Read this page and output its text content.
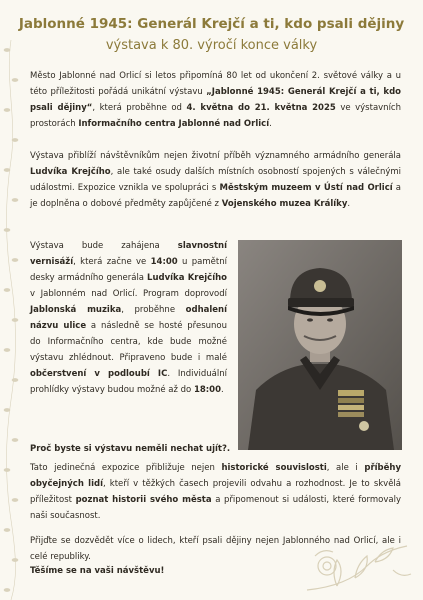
Jablonné 1945: Generál Krejčí a ti, kdo psali dějiny
výstava k 80. výročí konce války
Město Jablonné nad Orlicí si letos připomíná 80 let od ukončení 2. světové války a u této příležitosti pořádá unikátní výstavu „Jablonné 1945: Generál Krejčí a ti, kdo psali dějiny“, která proběhne od 4. května do 21. května 2025 ve výstavních prostorách Informačního centra Jablonné nad Orlicí.
Výstava přiblíží návštěvníkům nejen životní příběh významného armádního generála Ludvíka Krejčího, ale také osudy dalších místních osobností spojených s válečnými událostmi. Expozice vznikla ve spolupráci s Městským muzeem v Ústí nad Orlicí a je doplněna o dobové předměty zapůjčené z Vojenského muzea Králíky.
Výstava bude zahájena slavnostní vernisáží, která začne ve 14:00 u pamětní desky armádního generála Ludvíka Krejčího v Jablonném nad Orlicí. Program doprovodí Jablonská muzika, proběhne odhalení názvu ulice a následně se hosté přesunou do Informačního centra, kde bude možné výstavu zhlédnout. Připraveno bude i malé občerstvení v podloubí IC. Individuální prohlídky výstavy budou možné až do 18:00.
Proč byste si výstavu neměli nechat ujít?.
Tato jedinečná expozice přibližuje nejen historické souvislosti, ale i příběhy obyčejných lidí, kteří v těžkých časech projevili odvahu a rozhodnost. Je to skvělá příležitost poznat historii svého města a připomenout si události, které formovaly naši současnost.
Přijďte se dozvědět více o lidech, kteří psali dějiny nejen Jablonného nad Orlicí, ale i celé republiky.
Těšíme se na vaši návštěvu!
